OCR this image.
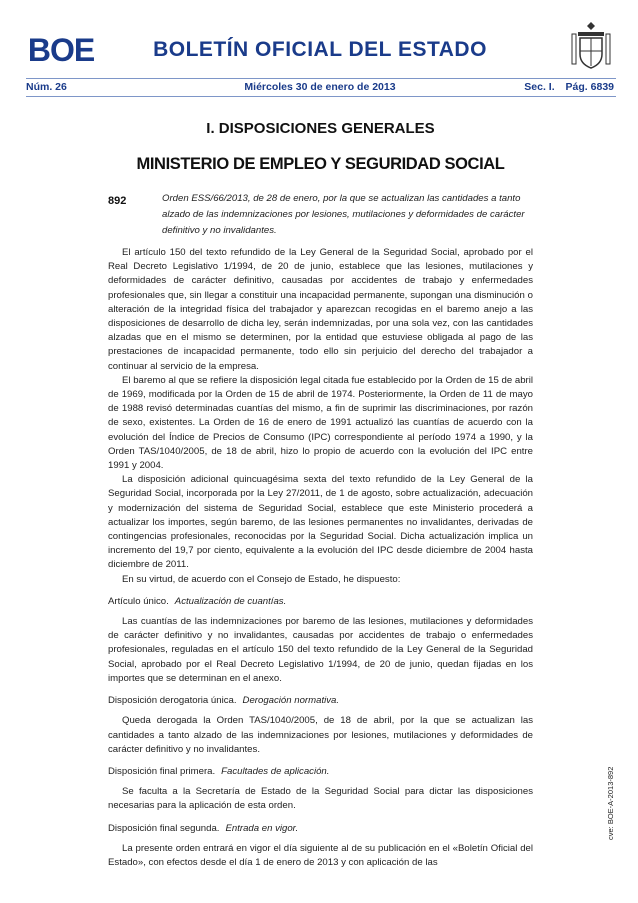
BOE	BOLETÍN OFICIAL DEL ESTADO
Núm. 26	Miércoles 30 de enero de 2013	Sec. I. Pág. 6839
I. DISPOSICIONES GENERALES
MINISTERIO DE EMPLEO Y SEGURIDAD SOCIAL
892	Orden ESS/66/2013, de 28 de enero, por la que se actualizan las cantidades a tanto alzado de las indemnizaciones por lesiones, mutilaciones y deformidades de carácter definitivo y no invalidantes.

El artículo 150 del texto refundido de la Ley General de la Seguridad Social, aprobado por el Real Decreto Legislativo 1/1994, de 20 de junio, establece que las lesiones, mutilaciones y deformidades de carácter definitivo, causadas por accidentes de trabajo y enfermedades profesionales que, sin llegar a constituir una incapacidad permanente, supongan una disminución o alteración de la integridad física del trabajador y aparezcan recogidas en el baremo anejo a las disposiciones de desarrollo de dicha ley, serán indemnizadas, por una sola vez, con las cantidades alzadas que en el mismo se determinen, por la entidad que estuviese obligada al pago de las prestaciones de incapacidad permanente, todo ello sin perjuicio del derecho del trabajador a continuar al servicio de la empresa.

El baremo al que se refiere la disposición legal citada fue establecido por la Orden de 15 de abril de 1969, modificada por la Orden de 15 de abril de 1974. Posteriormente, la Orden de 11 de mayo de 1988 revisó determinadas cuantías del mismo, a fin de suprimir las discriminaciones, por razón de sexo, existentes. La Orden de 16 de enero de 1991 actualizó las cuantías de acuerdo con la evolución del Índice de Precios de Consumo (IPC) correspondiente al período 1974 a 1990, y la Orden TAS/1040/2005, de 18 de abril, hizo lo propio de acuerdo con la evolución del IPC entre 1991 y 2004.

La disposición adicional quincuagésima sexta del texto refundido de la Ley General de la Seguridad Social, incorporada por la Ley 27/2011, de 1 de agosto, sobre actualización, adecuación y modernización del sistema de Seguridad Social, establece que este Ministerio procederá a actualizar los importes, según baremo, de las lesiones permanentes no invalidantes, derivadas de contingencias profesionales, reconocidas por la Seguridad Social. Dicha actualización implica un incremento del 19,7 por ciento, equivalente a la evolución del IPC desde diciembre de 2004 hasta diciembre de 2011.

En su virtud, de acuerdo con el Consejo de Estado, he dispuesto:

Artículo único. Actualización de cuantías.

Las cuantías de las indemnizaciones por baremo de las lesiones, mutilaciones y deformidades de carácter definitivo y no invalidantes, causadas por accidentes de trabajo o enfermedades profesionales, reguladas en el artículo 150 del texto refundido de la Ley General de la Seguridad Social, aprobado por el Real Decreto Legislativo 1/1994, de 20 de junio, quedan fijadas en los importes que se determinan en el anexo.

Disposición derogatoria única. Derogación normativa.

Queda derogada la Orden TAS/1040/2005, de 18 de abril, por la que se actualizan las cantidades a tanto alzado de las indemnizaciones por lesiones, mutilaciones y deformidades de carácter definitivo y no invalidantes.

Disposición final primera. Facultades de aplicación.

Se faculta a la Secretaría de Estado de la Seguridad Social para dictar las disposiciones necesarias para la aplicación de esta orden.

Disposición final segunda. Entrada en vigor.

La presente orden entrará en vigor el día siguiente al de su publicación en el «Boletín Oficial del Estado», con efectos desde el día 1 de enero de 2013 y con aplicación de las

cve: BOE-A-2013-892
